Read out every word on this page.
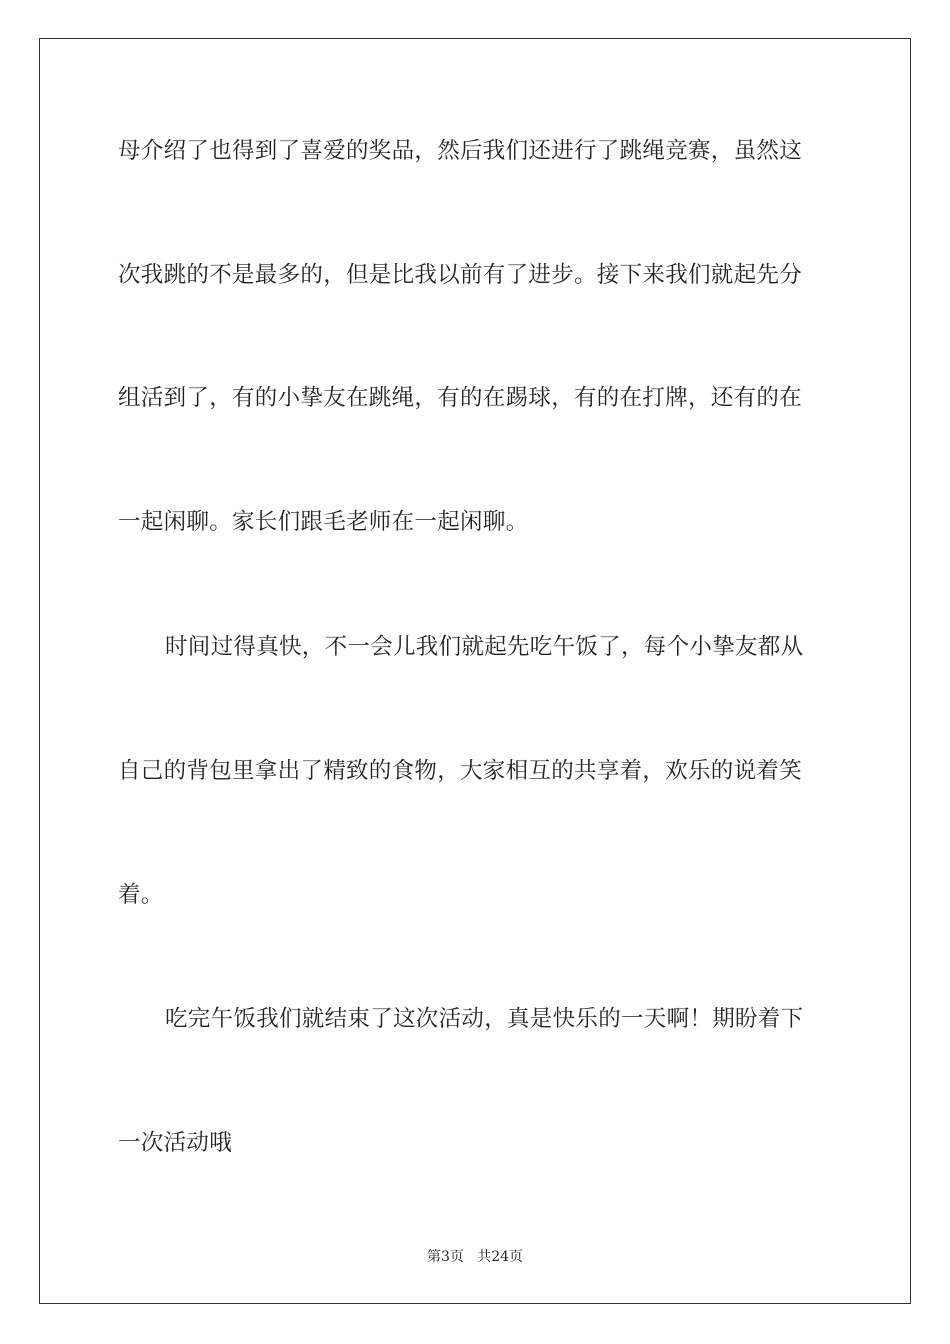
母介绍了也得到了喜爱的奖品，然后我们还进行了跳绳竞赛，虽然这
次我跳的不是最多的，但是比我以前有了进步。接下来我们就起先分
组活到了，有的小挚友在跳绳，有的在踢球，有的在打牌，还有的在
一起闲聊。家长们跟毛老师在一起闲聊。
时间过得真快，不一会儿我们就起先吃午饭了，每个小挚友都从
自己的背包里拿出了精致的食物，大家相互的共享着，欢乐的说着笑
着。
吃完午饭我们就结束了这次活动，真是快乐的一天啊！期盼着下
一次活动哦
第3页   共24页
